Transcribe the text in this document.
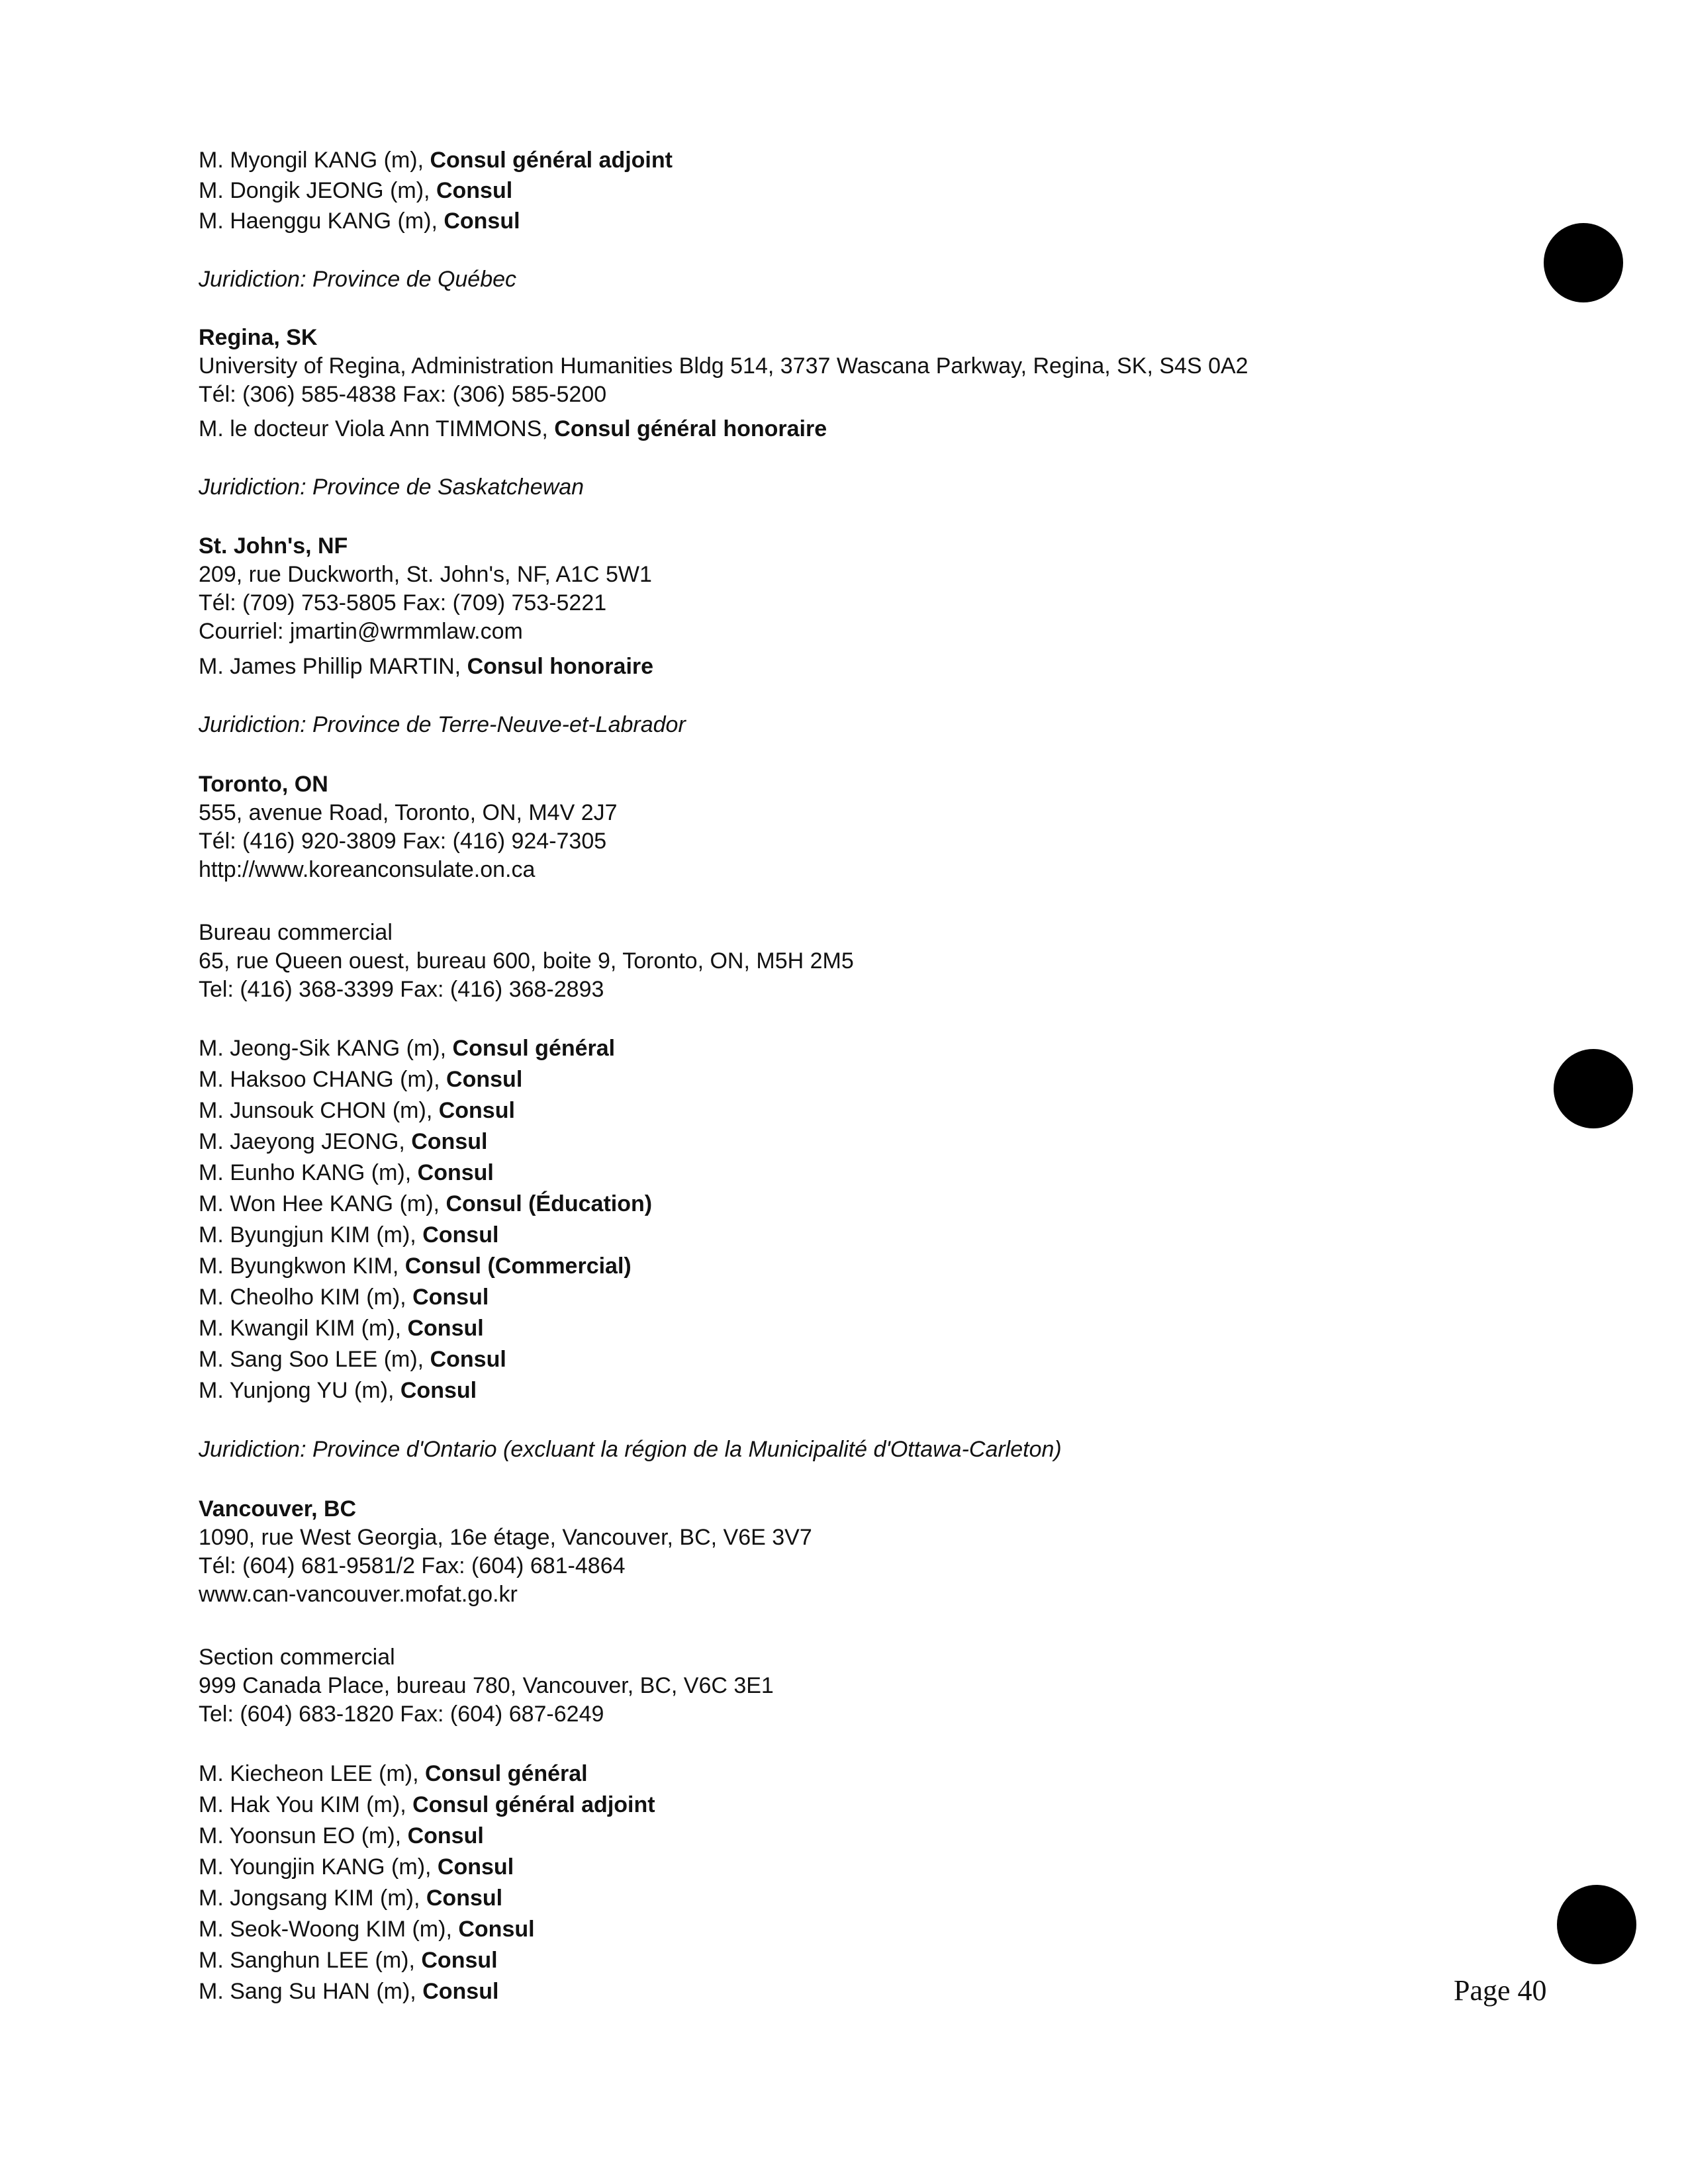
M. Myongil KANG (m), Consul général adjoint
M. Dongik JEONG (m), Consul
M. Haenggu KANG (m), Consul
Juridiction: Province de Québec
Regina, SK
University of Regina, Administration Humanities Bldg 514, 3737 Wascana Parkway, Regina, SK, S4S 0A2
Tél: (306) 585-4838 Fax: (306) 585-5200
M. le docteur Viola Ann TIMMONS, Consul général honoraire
Juridiction: Province de Saskatchewan
St. John's, NF
209, rue Duckworth, St. John's, NF, A1C 5W1
Tél: (709) 753-5805 Fax: (709) 753-5221
Courriel: jmartin@wrmmlaw.com
M. James Phillip MARTIN, Consul honoraire
Juridiction: Province de Terre-Neuve-et-Labrador
Toronto, ON
555, avenue Road, Toronto, ON, M4V 2J7
Tél: (416) 920-3809 Fax: (416) 924-7305
http://www.koreanconsulate.on.ca
Bureau commercial
65, rue Queen ouest, bureau 600, boite 9, Toronto, ON, M5H 2M5
Tel: (416) 368-3399 Fax: (416) 368-2893
M. Jeong-Sik KANG (m), Consul général
M. Haksoo CHANG (m), Consul
M. Junsouk CHON (m), Consul
M. Jaeyong JEONG, Consul
M. Eunho KANG (m), Consul
M. Won Hee KANG (m), Consul (Éducation)
M. Byungjun KIM (m), Consul
M. Byungkwon KIM, Consul (Commercial)
M. Cheolho KIM (m), Consul
M. Kwangil KIM (m), Consul
M. Sang Soo LEE (m), Consul
M. Yunjong YU (m), Consul
Juridiction: Province d'Ontario (excluant la région de la Municipalité d'Ottawa-Carleton)
Vancouver, BC
1090, rue West Georgia, 16e étage, Vancouver, BC, V6E 3V7
Tél: (604) 681-9581/2 Fax: (604) 681-4864
www.can-vancouver.mofat.go.kr
Section commercial
999 Canada Place, bureau 780, Vancouver, BC, V6C 3E1
Tel: (604) 683-1820 Fax: (604) 687-6249
M. Kiecheon LEE (m), Consul général
M. Hak You KIM (m), Consul général adjoint
M. Yoonsun EO (m), Consul
M. Youngjin KANG (m), Consul
M. Jongsang KIM (m), Consul
M. Seok-Woong KIM (m), Consul
M. Sanghun LEE (m), Consul
M. Sang Su HAN (m), Consul	Page 40
